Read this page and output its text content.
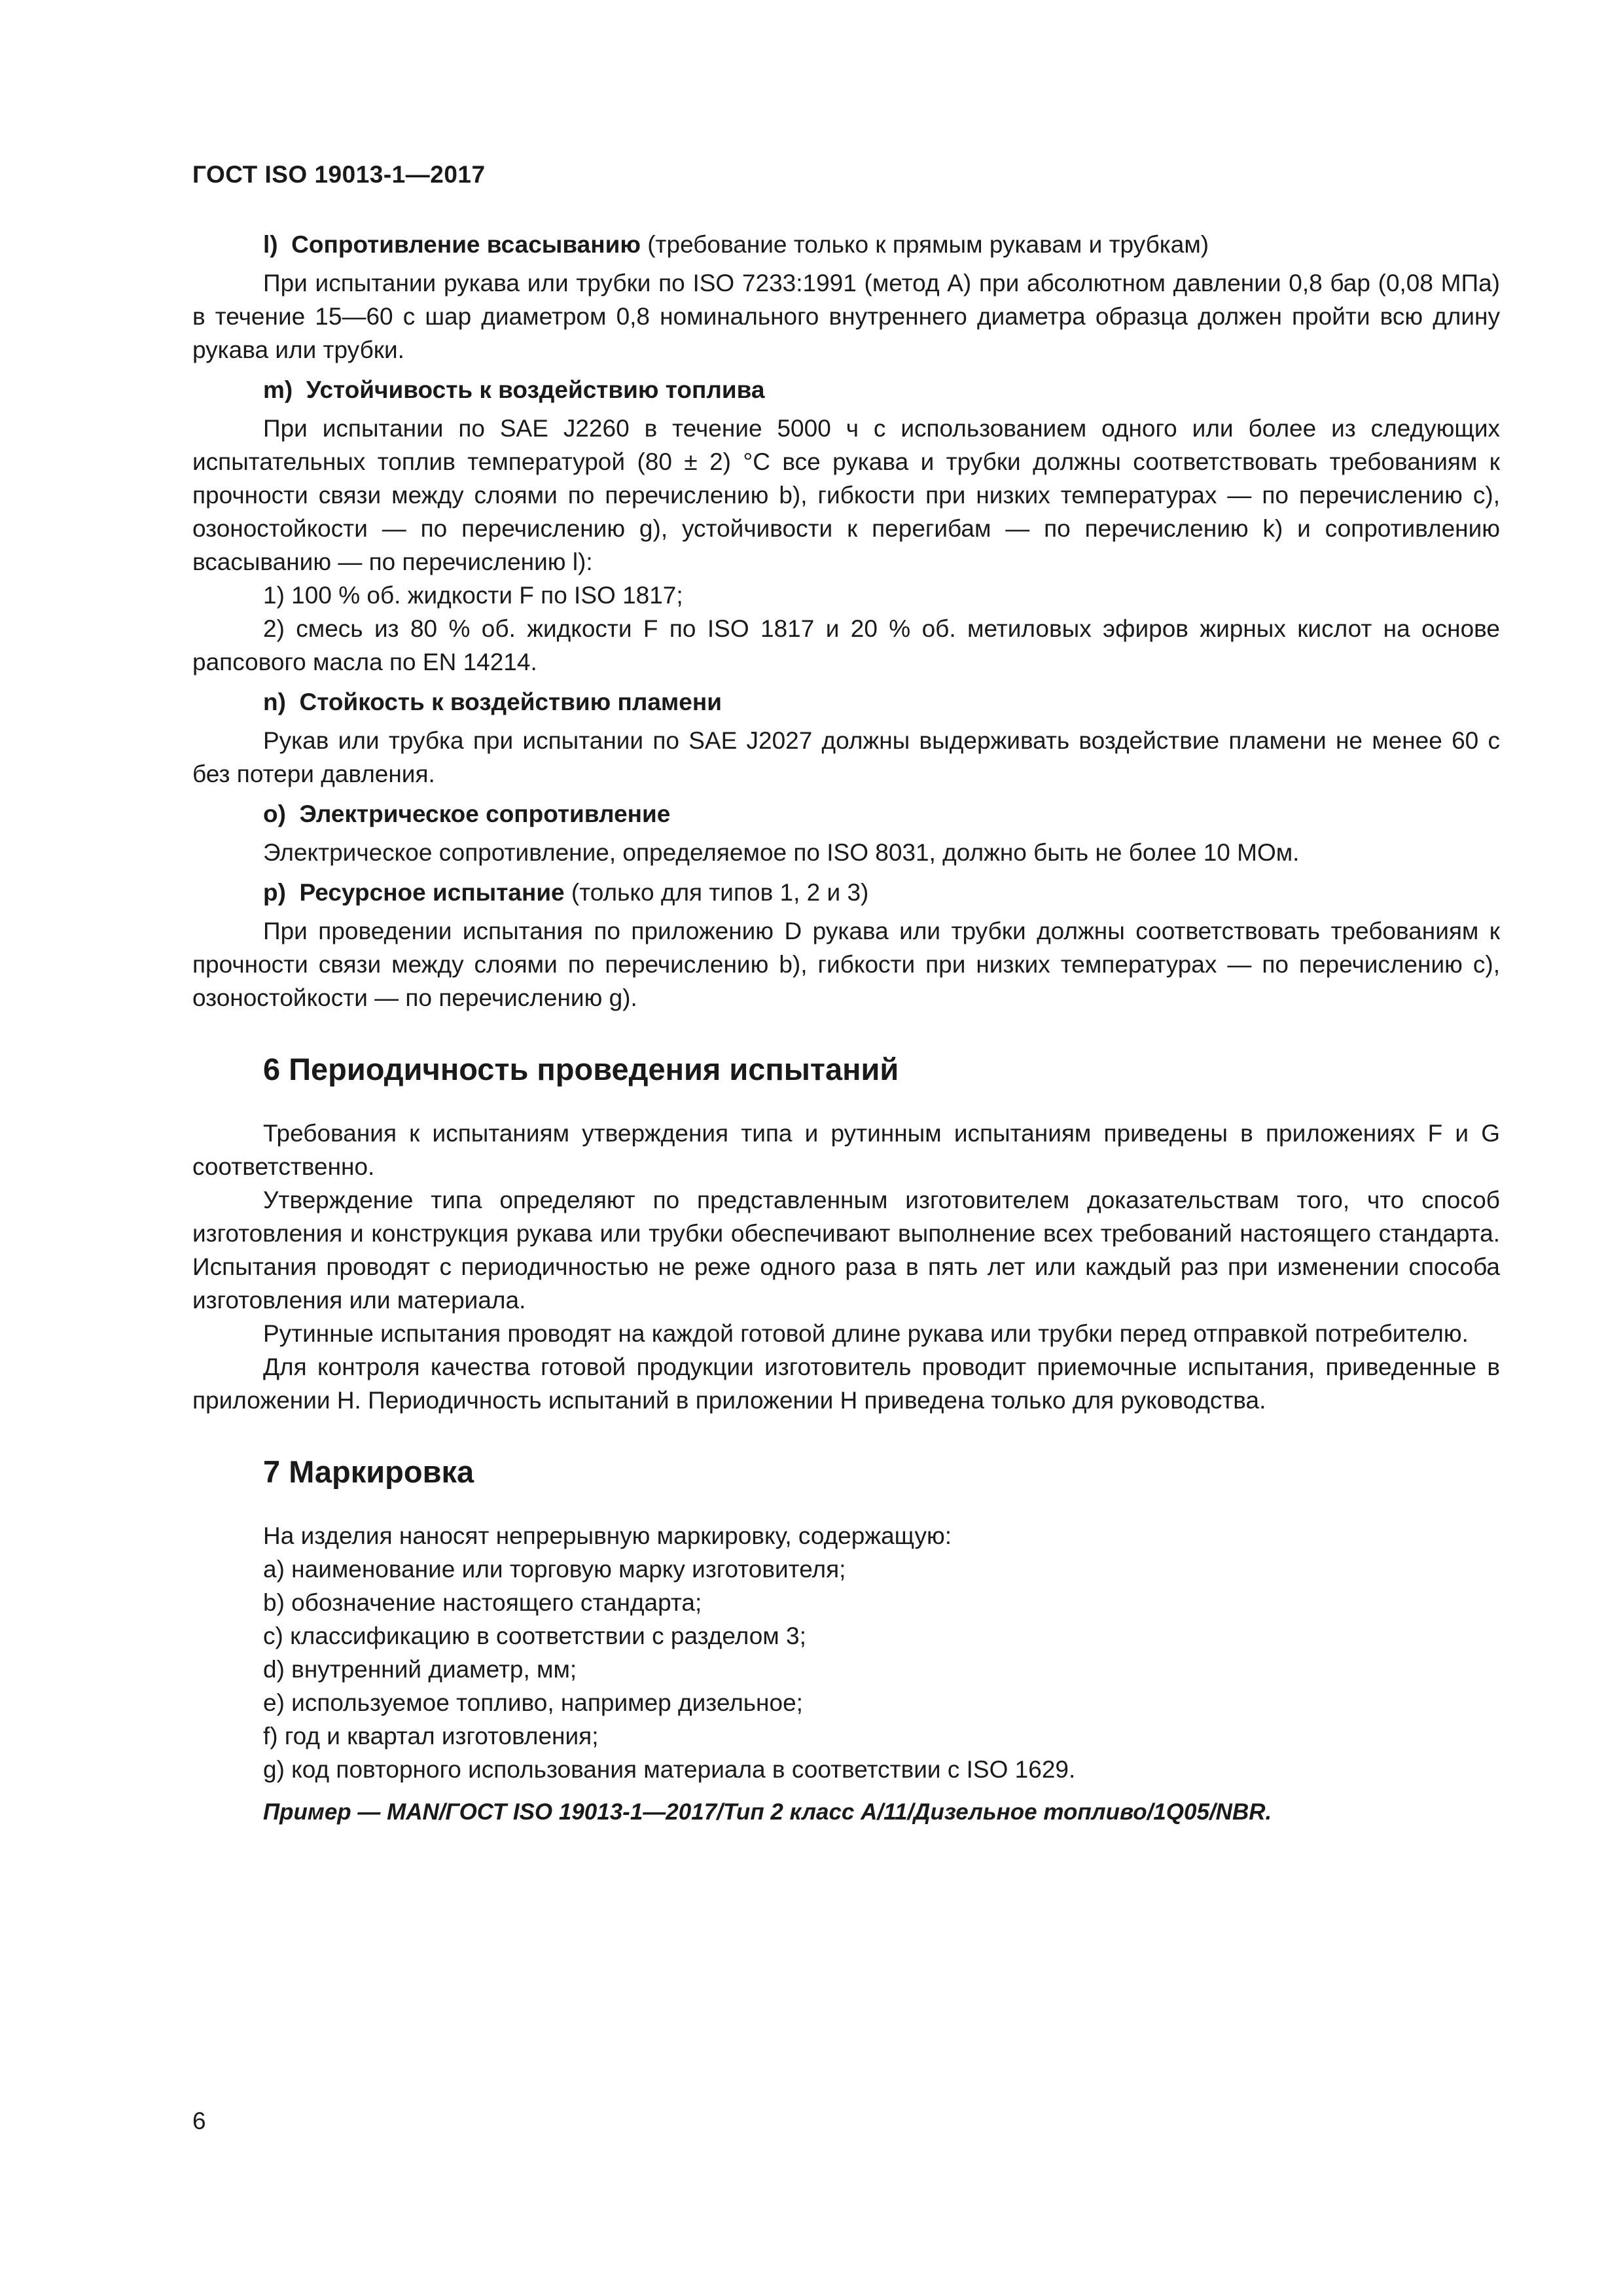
ГОСТ ISO 19013-1—2017

l) Сопротивление всасыванию (требование только к прямым рукавам и трубкам)

При испытании рукава или трубки по ISO 7233:1991 (метод А) при абсолютном давлении 0,8 бар (0,08 МПа) в течение 15—60 с шар диаметром 0,8 номинального внутреннего диаметра образца должен пройти всю длину рукава или трубки.

m) Устойчивость к воздействию топлива

При испытании по SAE J2260 в течение 5000 ч с использованием одного или более из следующих испытательных топлив температурой (80 ± 2) °С все рукава и трубки должны соответствовать требованиям к прочности связи между слоями по перечислению b), гибкости при низких температурах — по перечислению c), озоностойкости — по перечислению g), устойчивости к перегибам — по перечислению k) и сопротивлению всасыванию — по перечислению l):

1) 100 % об. жидкости F по ISO 1817;

2) смесь из 80 % об. жидкости F по ISO 1817 и 20 % об. метиловых эфиров жирных кислот на основе рапсового масла по EN 14214.

n) Стойкость к воздействию пламени

Рукав или трубка при испытании по SAE J2027 должны выдерживать воздействие пламени не менее 60 с без потери давления.

o) Электрическое сопротивление

Электрическое сопротивление, определяемое по ISO 8031, должно быть не более 10 МОм.

p) Ресурсное испытание (только для типов 1, 2 и 3)

При проведении испытания по приложению D рукава или трубки должны соответствовать требованиям к прочности связи между слоями по перечислению b), гибкости при низких температурах — по перечислению c), озоностойкости — по перечислению g).

6 Периодичность проведения испытаний

Требования к испытаниям утверждения типа и рутинным испытаниям приведены в приложениях F и G соответственно.

Утверждение типа определяют по представленным изготовителем доказательствам того, что способ изготовления и конструкция рукава или трубки обеспечивают выполнение всех требований настоящего стандарта. Испытания проводят с периодичностью не реже одного раза в пять лет или каждый раз при изменении способа изготовления или материала.

Рутинные испытания проводят на каждой готовой длине рукава или трубки перед отправкой потребителю.

Для контроля качества готовой продукции изготовитель проводит приемочные испытания, приведенные в приложении H. Периодичность испытаний в приложении H приведена только для руководства.

7 Маркировка

На изделия наносят непрерывную маркировку, содержащую:

a) наименование или торговую марку изготовителя;

b) обозначение настоящего стандарта;

c) классификацию в соответствии с разделом 3;

d) внутренний диаметр, мм;

e) используемое топливо, например дизельное;

f) год и квартал изготовления;

g) код повторного использования материала в соответствии с ISO 1629.

Пример — MAN/ГОСТ ISO 19013-1—2017/Тип 2 класс A/11/Дизельное топливо/1Q05/NBR.

6
